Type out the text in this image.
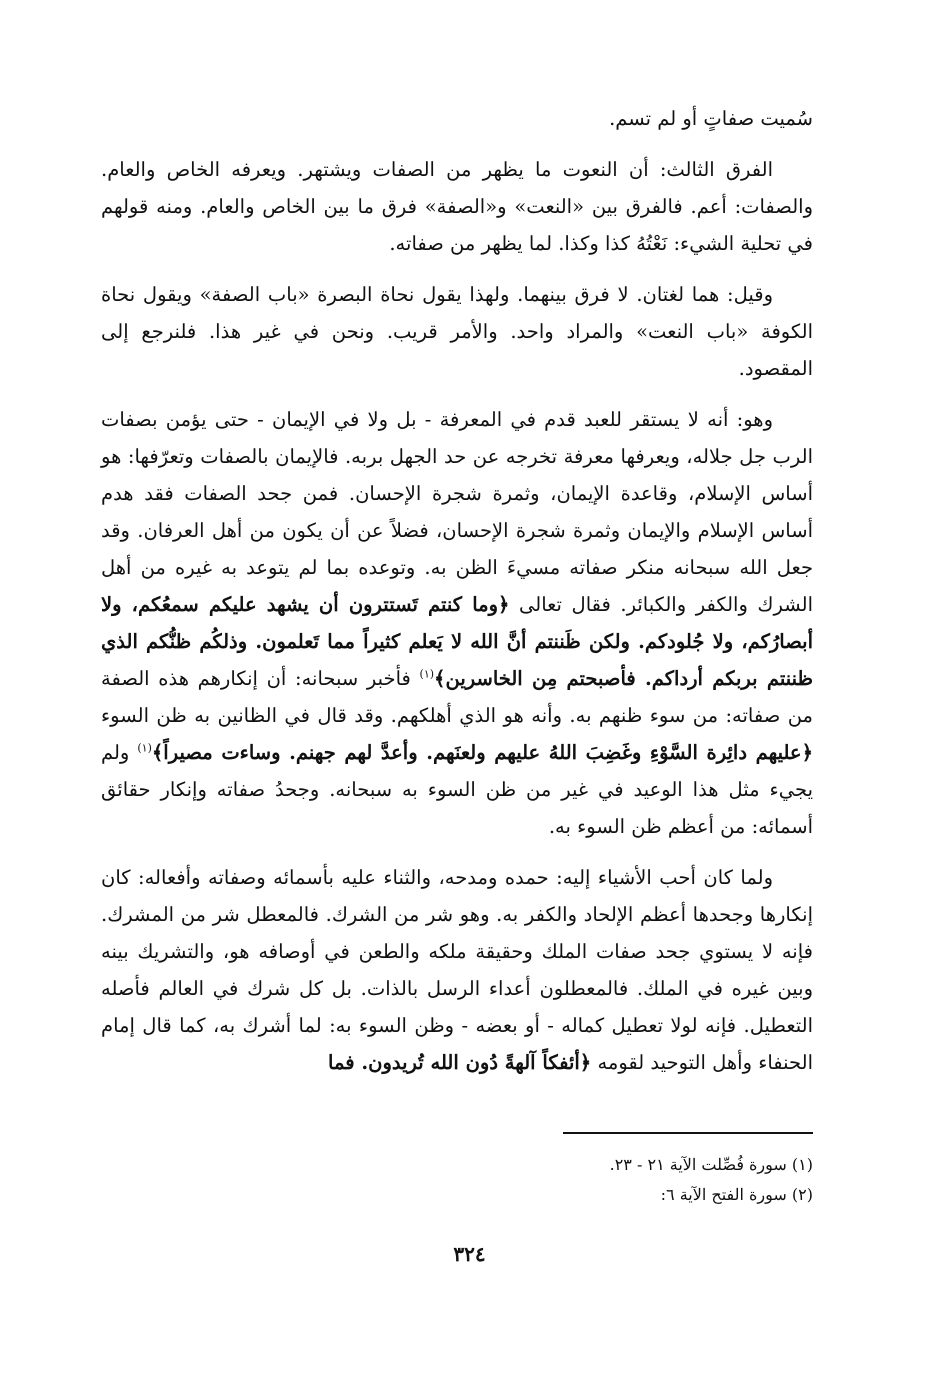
سُميت صفاتٍ أو لم تسم.

الفرق الثالث: أن النعوت ما يظهر من الصفات ويشتهر. ويعرفه الخاص والعام. والصفات: أعم. فالفرق بين «النعت» و«الصفة» فرق ما بين الخاص والعام. ومنه قولهم في تحلية الشيء: نَعْتُهُ كذا وكذا. لما يظهر من صفاته.

وقيل: هما لغتان. لا فرق بينهما. ولهذا يقول نحاة البصرة «باب الصفة» ويقول نحاة الكوفة «باب النعت» والمراد واحد. والأمر قريب. ونحن في غير هذا. فلنرجع إلى المقصود.

وهو: أنه لا يستقر للعبد قدم في المعرفة - بل ولا في الإيمان - حتى يؤمن بصفات الرب جل جلاله، ويعرفها معرفة تخرجه عن حد الجهل بربه. فالإيمان بالصفات وتعرّفها: هو أساس الإسلام، وقاعدة الإيمان، وثمرة شجرة الإحسان. فمن جحد الصفات فقد هدم أساس الإسلام والإيمان وثمرة شجرة الإحسان، فضلاً عن أن يكون من أهل العرفان. وقد جعل الله سبحانه منكر صفاته مسيءَ الظن به. وتوعده بما لم يتوعد به غيره من أهل الشرك والكفر والكبائر. فقال تعالى ﴿وما كنتم تَستترون أن يشهد عليكم سمعُكم، ولا أبصارُكم، ولا جُلودكم. ولكن ظَننتم أنَّ الله لا يَعلم كثيراً مما تَعلمون. وذلكُم ظنُّكم الذي ظننتم بربكم أرداكم. فأصبحتم مِن الخاسرين﴾$^{(١)}$ فأخبر سبحانه: أن إنكارهم هذه الصفة من صفاته: من سوء ظنهم به. وأنه هو الذي أهلكهم. وقد قال في الظانين به ظن السوء ﴿عليهم دائِرة السَّوْءِ وغَضِبَ اللهُ عليهم ولعنَهم. وأعدَّ لهم جهنم. وساءت مصيراً﴾$^{(١)}$ ولم يجيء مثل هذا الوعيد في غير من ظن السوء به سبحانه. وجحدُ صفاته وإنكار حقائق أسمائه: من أعظم ظن السوء به.

ولما كان أحب الأشياء إليه: حمده ومدحه، والثناء عليه بأسمائه وصفاته وأفعاله: كان إنكارها وجحدها أعظم الإلحاد والكفر به. وهو شر من الشرك. فالمعطل شر من المشرك. فإنه لا يستوي جحد صفات الملك وحقيقة ملكه والطعن في أوصافه هو، والتشريك بينه وبين غيره في الملك. فالمعطلون أعداء الرسل بالذات. بل كل شرك في العالم فأصله التعطيل. فإنه لولا تعطيل كماله - أو بعضه - وظن السوء به: لما أشرك به، كما قال إمام الحنفاء وأهل التوحيد لقومه ﴿أئفكاً آلهةً دُون الله تُريدون. فما

(١) سورة فُصِّلت الآية ٢١ - ٢٣.
(٢) سورة الفتح الآية ٦:
٣٢٤
